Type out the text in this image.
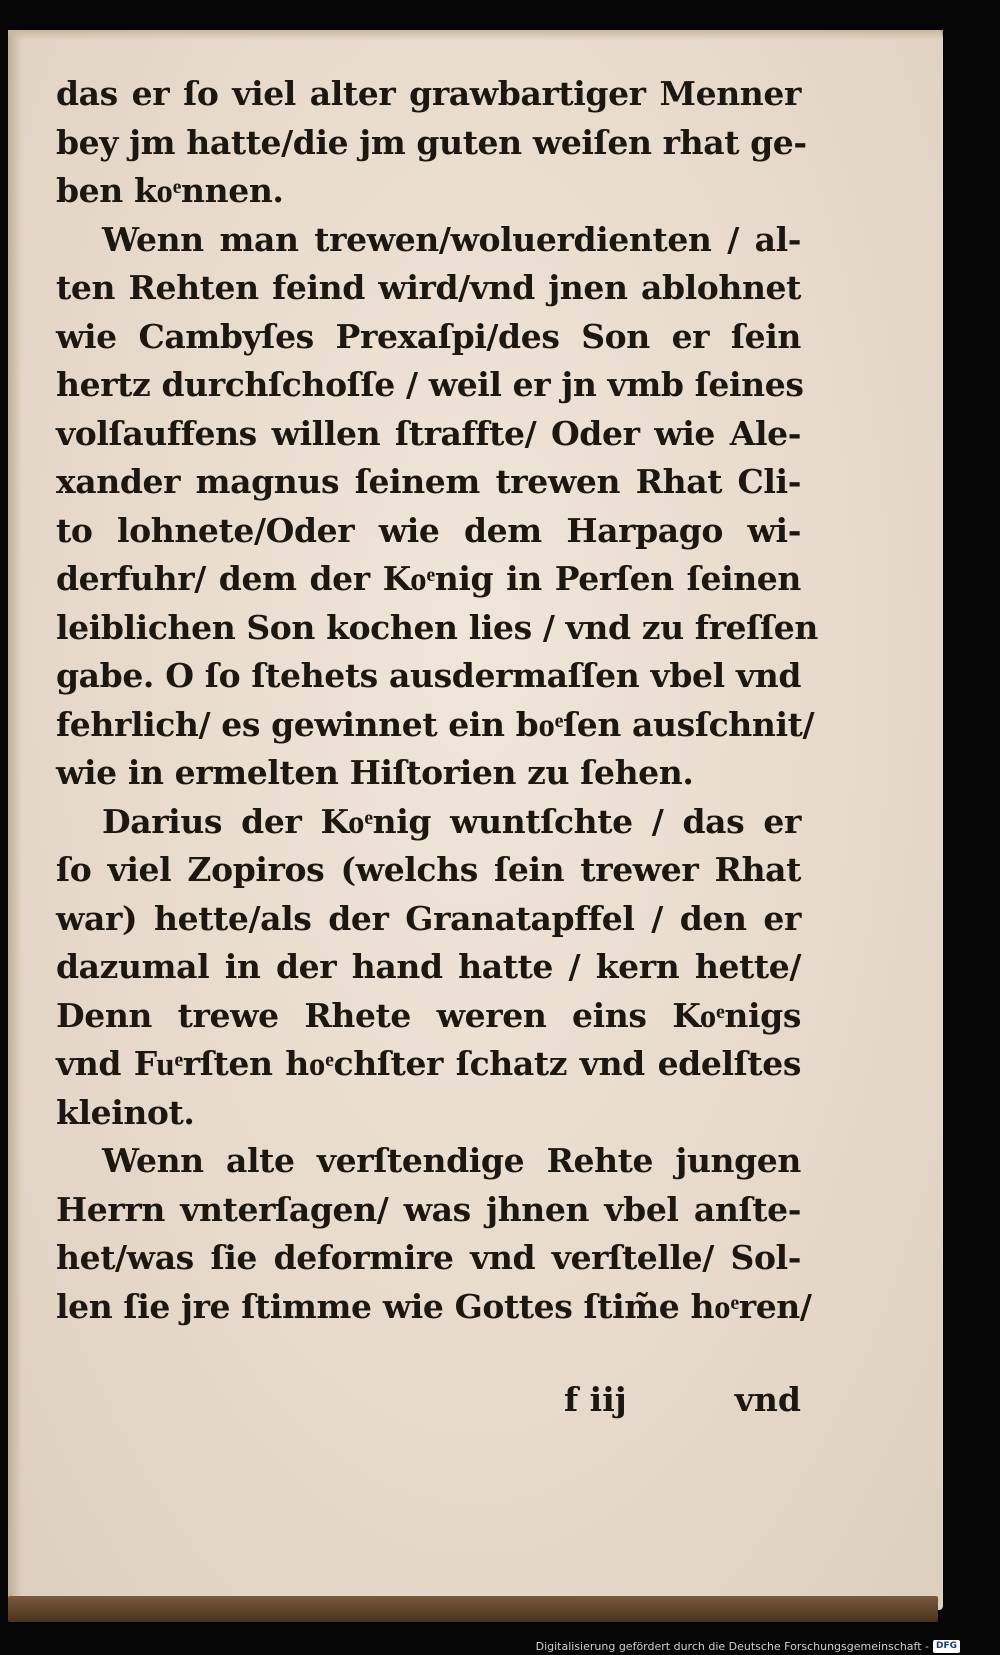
das er ſo viel alter grawbartiger Menner
bey jm hatte/die jm guten weiſen rhat ge-
ben koͤnnen.
Wenn man trewen/woluerdienten / al-
ten Rehten feind wird/vnd jnen ablohnet
wie Cambyſes Prexaſpi/des Son er ſein
hertz durchſchoſſe / weil er jn vmb ſeines
volſauffens willen ſtraffte/ Oder wie Ale-
xander magnus ſeinem trewen Rhat Cli-
to lohnete/Oder wie dem Harpago wi-
derfuhr/ dem der Koͤnig in Perſen ſeinen
leiblichen Son kochen lies / vnd zu freſſen
gabe. O ſo ſtehets ausdermaſſen vbel vnd
fehrlich/ es gewinnet ein boͤſen ausſchnit/
wie in ermelten Hiſtorien zu ſehen.
Darius der Koͤnig wuntſchte / das er
ſo viel Zopiros (welchs ſein trewer Rhat
war) hette/als der Granatapffel / den er
dazumal in der hand hatte / kern hette/
Denn trewe Rhete weren eins Koͤnigs
vnd Fuͤrſten hoͤchſter ſchatz vnd edelſtes
kleinot.
Wenn alte verſtendige Rehte jungen
Herrn vnterſagen/ was jhnen vbel anſte-
het/was ſie deformire vnd verſtelle/ Sol-
len ſie jre ſtimme wie Gottes ſtim̃e hoͤren/
f iij	vnd
Digitalisierung gefördert durch die Deutsche Forschungsgemeinschaft - DFG
